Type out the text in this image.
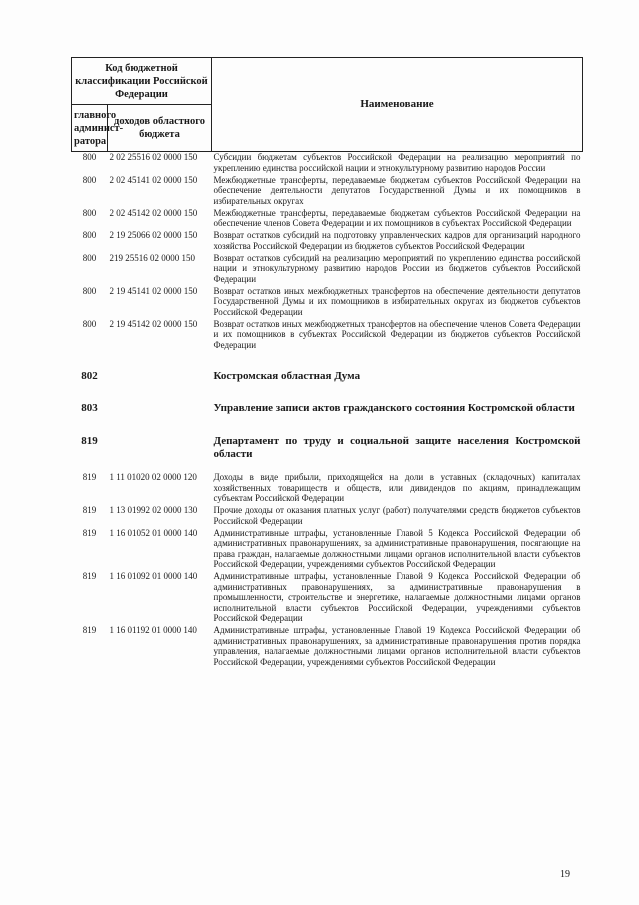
Код бюджетной классификации Российской Федерации		Наименование
главного админист-ратора	доходов областного бюджета	
800	2 02 25516 02 0000 150	Субсидии бюджетам субъектов Российской Федерации на реализацию мероприятий по укреплению единства российской нации и этнокультурному развитию народов России
800	2 02 45141 02 0000 150	Межбюджетные трансферты, передаваемые бюджетам субъектов Российской Федерации на обеспечение деятельности депутатов Государственной Думы и их помощников в избирательных округах
800	2 02 45142 02 0000 150	Межбюджетные трансферты, передаваемые бюджетам субъектов Российской Федерации на обеспечение членов Совета Федерации и их помощников в субъектах Российской Федерации
800	2 19 25066 02 0000 150	Возврат остатков субсидий на подготовку управленческих кадров для организаций народного хозяйства Российской Федерации из бюджетов субъектов Российской Федерации
800	219 25516 02 0000 150	Возврат остатков субсидий на реализацию мероприятий по укреплению единства российской нации и этнокультурному развитию народов России из бюджетов субъектов Российской Федерации
800	2 19 45141 02 0000 150	Возврат остатков иных межбюджетных трансфертов на обеспечение деятельности депутатов Государственной Думы и их помощников в избирательных округах из бюджетов субъектов Российской Федерации
800	2 19 45142 02 0000 150	Возврат остатков иных межбюджетных трансфертов на обеспечение членов Совета Федерации и их помощников в субъектах Российской Федерации из бюджетов субъектов Российской Федерации

802		Костромская областная Дума

803		Управление записи актов гражданского состояния Костромской области

819		Департамент по труду и социальной защите населения Костромской области

819	1 11 01020 02 0000 120	Доходы в виде прибыли, приходящейся на доли в уставных (складочных) капиталах хозяйственных товариществ и обществ, или дивидендов по акциям, принадлежащим субъектам Российской Федерации
819	1 13 01992 02 0000 130	Прочие доходы от оказания платных услуг (работ) получателями средств бюджетов субъектов Российской Федерации
819	1 16 01052 01 0000 140	Административные штрафы, установленные Главой 5 Кодекса Российской Федерации об административных правонарушениях, за административные правонарушения, посягающие на права граждан, налагаемые должностными лицами органов исполнительной власти субъектов Российской Федерации, учреждениями субъектов Российской Федерации
819	1 16 01092 01 0000 140	Административные штрафы, установленные Главой 9 Кодекса Российской Федерации об административных правонарушениях, за административные правонарушения в промышленности, строительстве и энергетике, налагаемые должностными лицами органов исполнительной власти субъектов Российской Федерации, учреждениями субъектов Российской Федерации
819	1 16 01192 01 0000 140	Административные штрафы, установленные Главой 19 Кодекса Российской Федерации об административных правонарушениях, за административные правонарушения против порядка управления, налагаемые должностными лицами органов исполнительной власти субъектов Российской Федерации, учреждениями субъектов Российской Федерации
19
